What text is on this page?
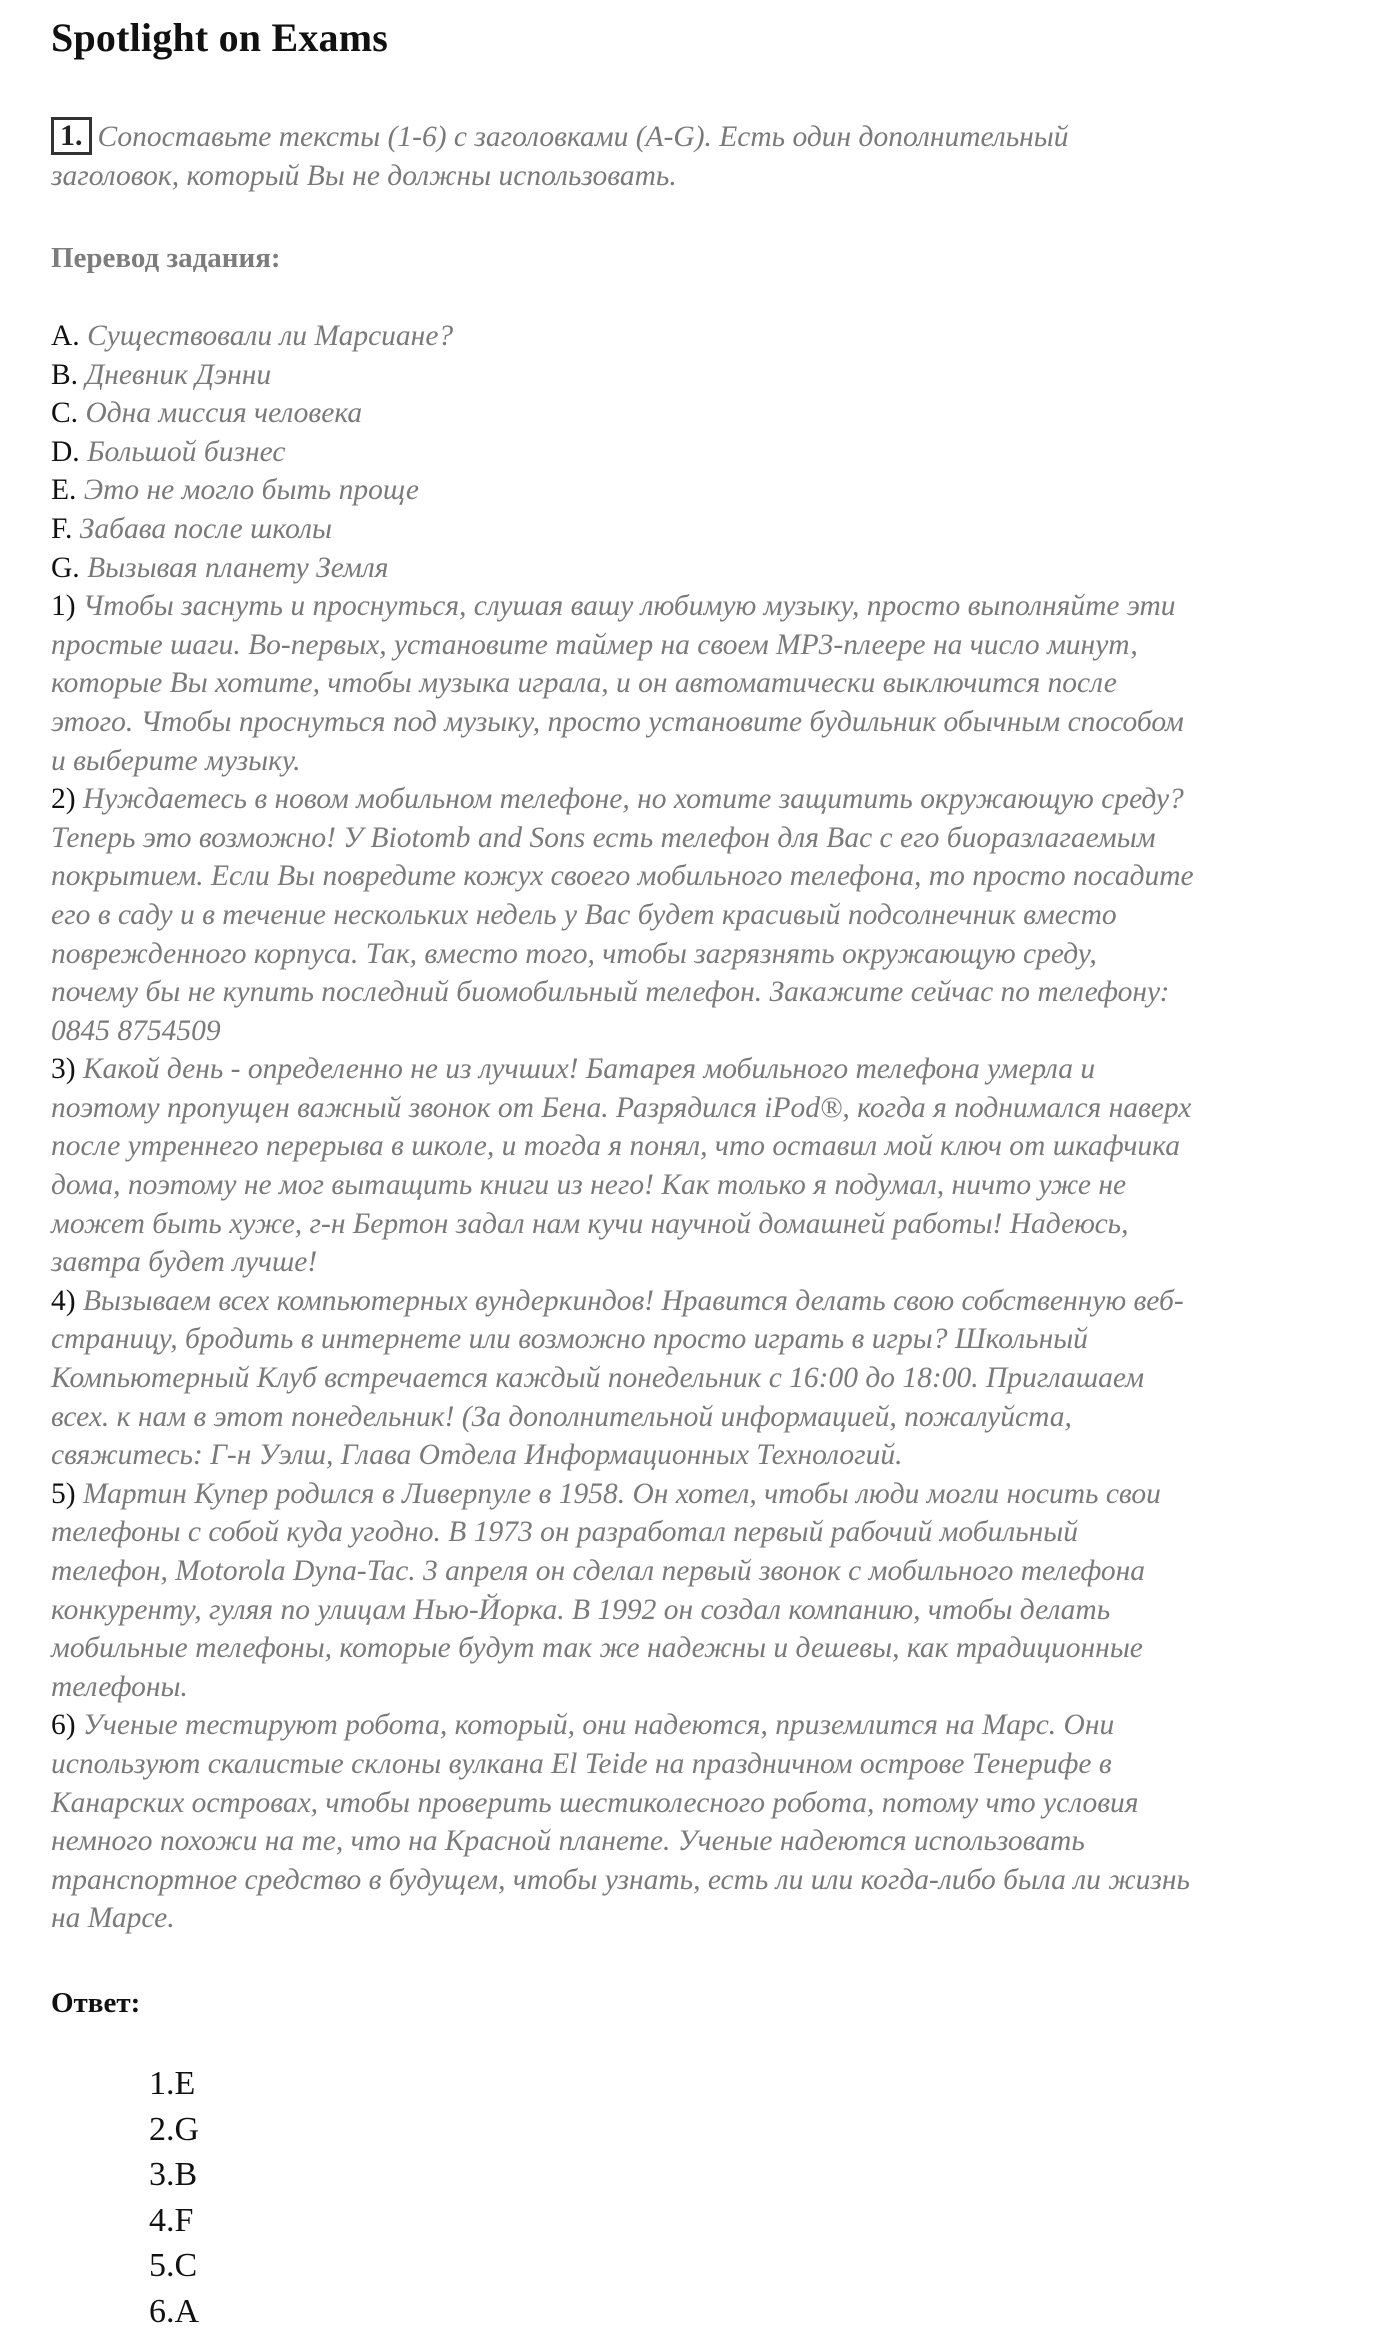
Spotlight on Exams
1. Сопоставьте тексты (1-6) с заголовками (A-G). Есть один дополнительный
заголовок, который Вы не должны использовать.
Перевод задания:
A. Существовали ли Марсиане?
B. Дневник Дэнни
C. Одна миссия человека
D. Большой бизнес
E. Это не могло быть проще
F. Забава после школы
G. Вызывая планету Земля
1) Чтобы заснуть и проснуться, слушая вашу любимую музыку, просто выполняйте эти
простые шаги. Во-первых, установите таймер на своем MP3-плеере на число минут,
которые Вы хотите, чтобы музыка играла, и он автоматически выключится после
этого. Чтобы проснуться под музыку, просто установите будильник обычным способом
и выберите музыку.
2) Нуждаетесь в новом мобильном телефоне, но хотите защитить окружающую среду?
Теперь это возможно! У Biotomb and Sons есть телефон для Вас с его биоразлагаемым
покрытием. Если Вы повредите кожух своего мобильного телефона, то просто посадите
его в саду и в течение нескольких недель у Вас будет красивый подсолнечник вместо
поврежденного корпуса. Так, вместо того, чтобы загрязнять окружающую среду,
почему бы не купить последний биомобильный телефон. Закажите сейчас по телефону:
0845 8754509
3) Какой день - определенно не из лучших! Батарея мобильного телефона умерла и
поэтому пропущен важный звонок от Бена. Разрядился iPod®, когда я поднимался наверх
после утреннего перерыва в школе, и тогда я понял, что оставил мой ключ от шкафчика
дома, поэтому не мог вытащить книги из него! Как только я подумал, ничто уже не
может быть хуже, г-н Бертон задал нам кучи научной домашней работы! Надеюсь,
завтра будет лучше!
4) Вызываем всех компьютерных вундеркиндов! Нравится делать свою собственную веб-
страницу, бродить в интернете или возможно просто играть в игры? Школьный
Компьютерный Клуб встречается каждый понедельник с 16:00 до 18:00. Приглашаем
всех. к нам в этот понедельник! (За дополнительной информацией, пожалуйста,
свяжитесь: Г-н Уэлш, Глава Отдела Информационных Технологий.
5) Мартин Купер родился в Ливерпуле в 1958. Он хотел, чтобы люди могли носить свои
телефоны с собой куда угодно. В 1973 он разработал первый рабочий мобильный
телефон, Motorola Dyna-Tac. 3 апреля он сделал первый звонок с мобильного телефона
конкуренту, гуляя по улицам Нью-Йорка. В 1992 он создал компанию, чтобы делать
мобильные телефоны, которые будут так же надежны и дешевы, как традиционные
телефоны.
6) Ученые тестируют робота, который, они надеются, приземлится на Марс. Они
используют скалистые склоны вулкана El Teide на праздничном острове Тенерифе в
Канарских островах, чтобы проверить шестиколесного робота, потому что условия
немного похожи на те, что на Красной планете. Ученые надеются использовать
транспортное средство в будущем, чтобы узнать, есть ли или когда-либо была ли жизнь
на Марсе.
Ответ:
1.E
2.G
3.B
4.F
5.C
6.A
